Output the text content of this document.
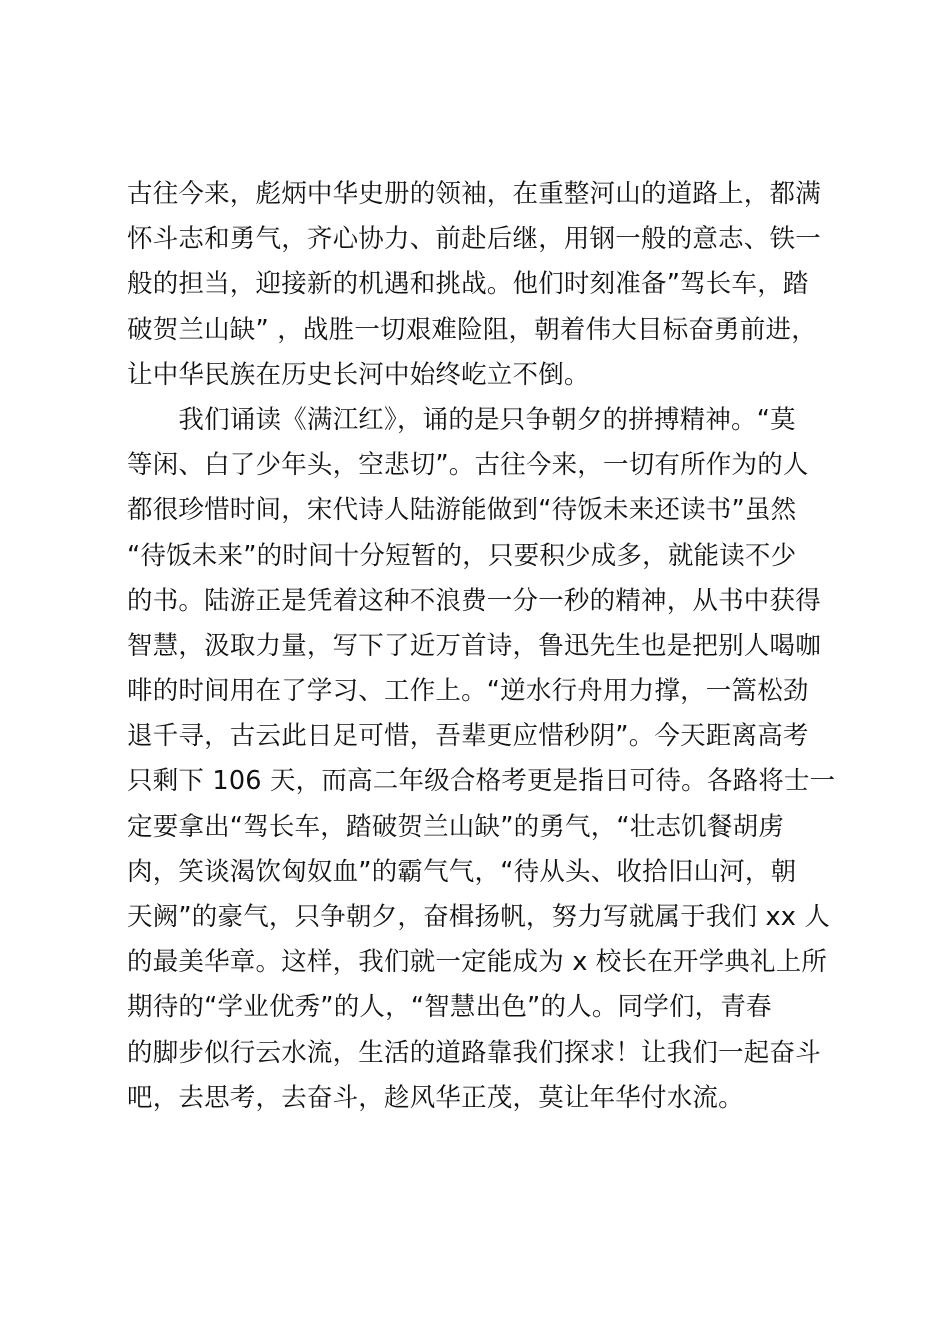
古往今来，彪炳中华史册的领袖，在重整河山的道路上，都满
怀斗志和勇气，齐心协力、前赴后继，用钢一般的意志、铁一
般的担当，迎接新的机遇和挑战。他们时刻准备”驾长车，踏
破贺兰山缺” ，战胜一切艰难险阻，朝着伟大目标奋勇前进，
让中华民族在历史长河中始终屹立不倒。
　　我们诵读《满江红》，诵的是只争朝夕的拼搏精神。“莫
等闲、白了少年头，空悲切”。古往今来，一切有所作为的人
都很珍惜时间，宋代诗人陆游能做到“待饭未来还读书”虽然
“待饭未来”的时间十分短暂的，只要积少成多，就能读不少
的书。陆游正是凭着这种不浪费一分一秒的精神，从书中获得
智慧，汲取力量，写下了近万首诗，鲁迅先生也是把别人喝咖
啡的时间用在了学习、工作上。“逆水行舟用力撑，一篙松劲
退千寻，古云此日足可惜，吾辈更应惜秒阴”。今天距离高考
只剩下 106 天，而高二年级合格考更是指日可待。各路将士一
定要拿出“驾长车，踏破贺兰山缺”的勇气，“壮志饥餐胡虏
肉，笑谈渴饮匈奴血”的霸气气，“待从头、收拾旧山河，朝
天阙”的豪气，只争朝夕，奋楫扬帆，努力写就属于我们 xx 人
的最美华章。这样，我们就一定能成为 x 校长在开学典礼上所
期待的“学业优秀”的人，“智慧出色”的人。同学们，青春
的脚步似行云水流，生活的道路靠我们探求！让我们一起奋斗
吧，去思考，去奋斗，趁风华正茂，莫让年华付水流。
